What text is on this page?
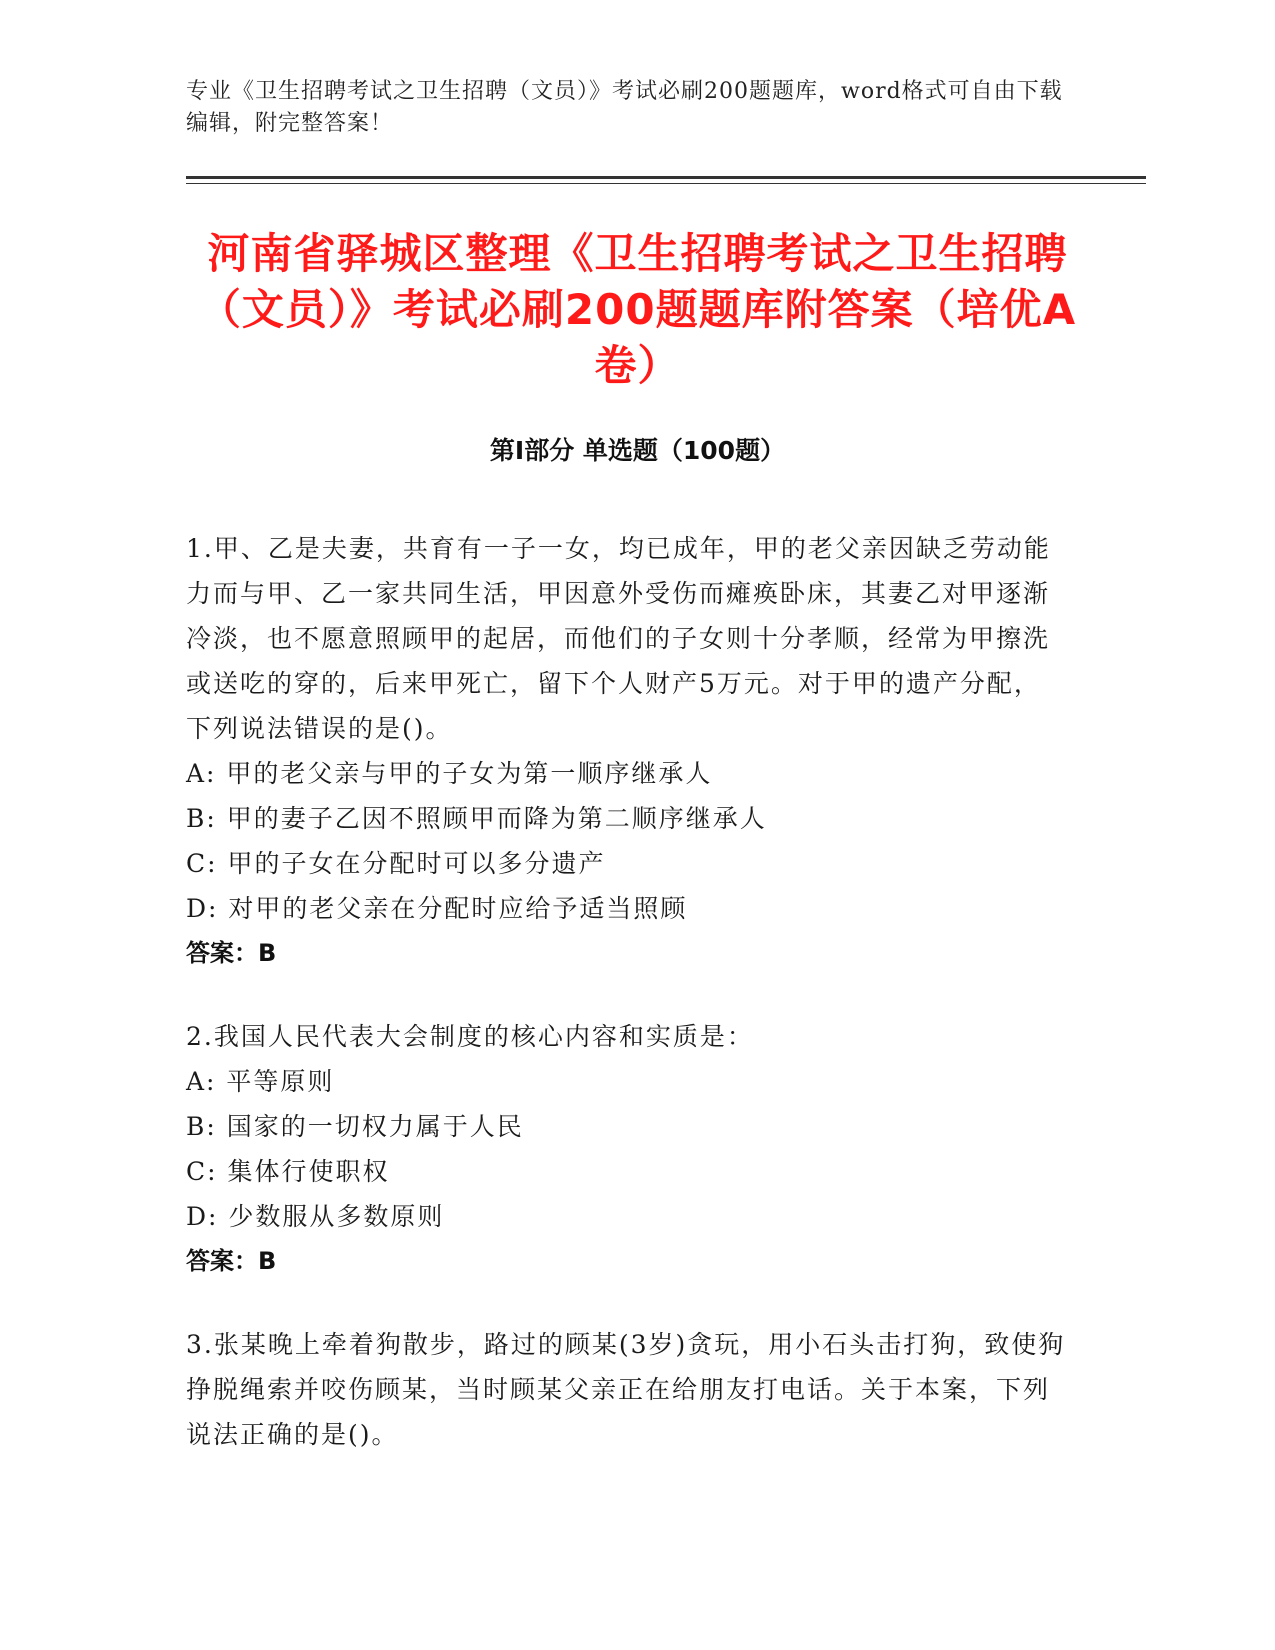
专业《卫生招聘考试之卫生招聘（文员）》考试必刷200题题库，word格式可自由下载编辑，附完整答案！
河南省驿城区整理《卫生招聘考试之卫生招聘（文员）》考试必刷200题题库附答案（培优A卷）
第Ⅰ部分 单选题（100题）

1.甲、乙是夫妻，共育有一子一女，均已成年，甲的老父亲因缺乏劳动能力而与甲、乙一家共同生活，甲因意外受伤而瘫痪卧床，其妻乙对甲逐渐冷淡，也不愿意照顾甲的起居，而他们的子女则十分孝顺，经常为甲擦洗或送吃的穿的，后来甲死亡，留下个人财产5万元。对于甲的遗产分配，下列说法错误的是()。

A: 甲的老父亲与甲的子女为第一顺序继承人

B: 甲的妻子乙因不照顾甲而降为第二顺序继承人

C: 甲的子女在分配时可以多分遗产

D: 对甲的老父亲在分配时应给予适当照顾

答案：B

2.我国人民代表大会制度的核心内容和实质是：

A: 平等原则

B: 国家的一切权力属于人民

C: 集体行使职权

D: 少数服从多数原则

答案：B

3.张某晚上牵着狗散步，路过的顾某(3岁)贪玩，用小石头击打狗，致使狗挣脱绳索并咬伤顾某，当时顾某父亲正在给朋友打电话。关于本案，下列说法正确的是()。
